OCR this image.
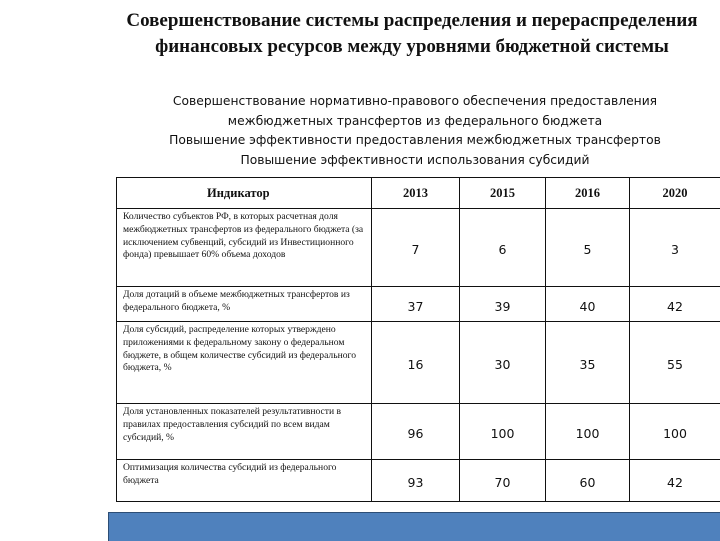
Совершенствование системы распределения и перераспределения
финансовых ресурсов между уровнями бюджетной системы
Совершенствование нормативно-правового обеспечения предоставления
межбюджетных трансфертов из федерального бюджета
Повышение эффективности предоставления межбюджетных трансфертов
Повышение эффективности использования субсидий
Индикатор	2013	2015	2016	2020
Количество субъектов РФ, в которых расчетная доля межбюджетных трансфертов из федерального бюджета (за исключением субвенций, субсидий из Инвестиционного фонда) превышает 60% объема доходов	7	6	5	3
Доля дотаций в объеме межбюджетных трансфертов из федерального бюджета, %	37	39	40	42
Доля субсидий, распределение которых утверждено приложениями к федеральному закону о федеральном бюджете, в общем количестве субсидий из федерального бюджета, %	16	30	35	55
Доля установленных показателей результативности в правилах предоставления субсидий по всем видам субсидий, %	96	100	100	100
Оптимизация количества субсидий из федерального бюджета	93	70	60	42
